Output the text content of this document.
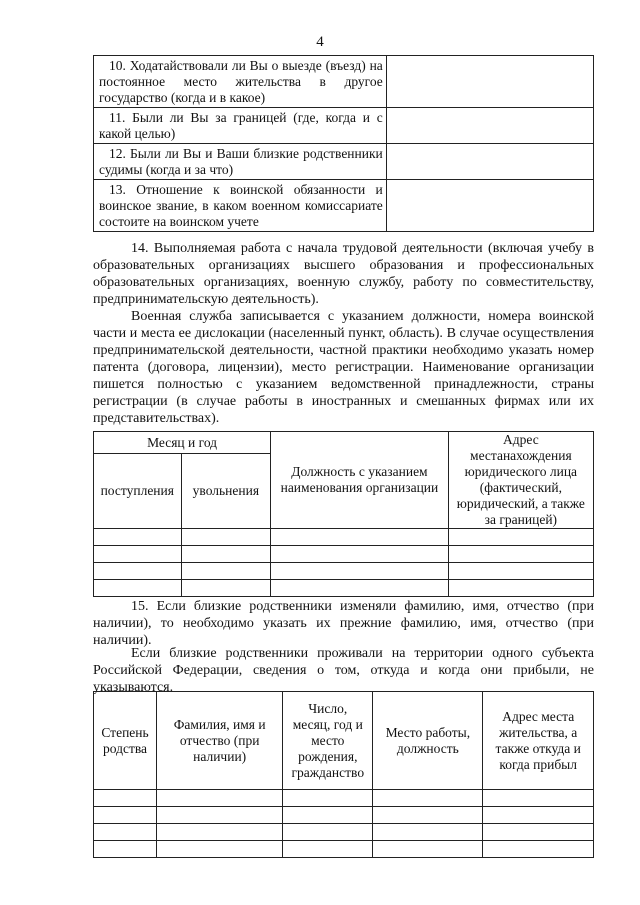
4
10. Ходатайствовали ли Вы о выезде (въезд) на постоянное место жительства в другое государство (когда и в какое)	
11. Были ли Вы за границей (где, когда и с какой целью)	
12. Были ли Вы и Ваши близкие родственники судимы (когда и за что)	
13. Отношение к воинской обязанности и воинское звание, в каком военном комиссариате состоите на воинском учете	

14. Выполняемая работа с начала трудовой деятельности (включая учебу в образовательных организациях высшего образования и профессиональных образовательных организациях, военную службу, работу по совместительству, предпринимательскую деятельность).

Военная служба записывается с указанием должности, номера воинской части и места ее дислокации (населенный пункт, область). В случае осуществления предпринимательской деятельности, частной практики необходимо указать номер патента (договора, лицензии), место регистрации. Наименование организации пишется полностью с указанием ведомственной принадлежности, страны регистрации (в случае работы в иностранных и смешанных фирмах или их представительствах).

Месяц и год		Должность с указанием наименования организации	Адрес местанахождения юридического лица (фактический, юридический, а также за границей)
поступления	увольнения		

15. Если близкие родственники изменяли фамилию, имя, отчество (при наличии), то необходимо указать их прежние фамилию, имя, отчество (при наличии).

Если близкие родственники проживали на территории одного субъекта Российской Федерации, сведения о том, откуда и когда они прибыли, не указываются.

Степень родства	Фамилия, имя и отчество (при наличии)	Число, месяц, год и место рождения, гражданство	Место работы, должность	Адрес места жительства, а также откуда и когда прибыл
